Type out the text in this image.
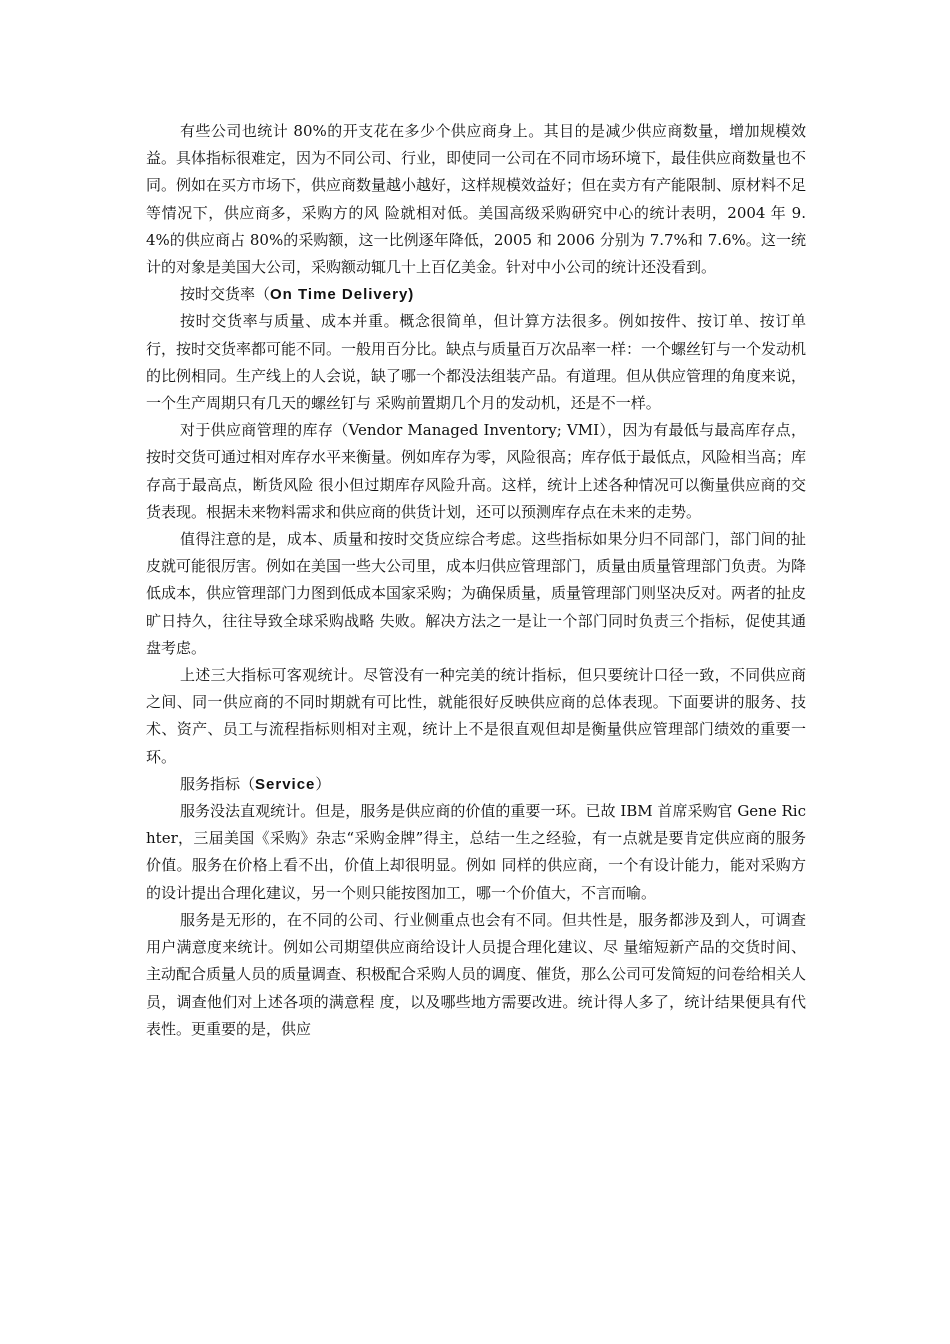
有些公司也统计 80%的开支花在多少个供应商身上。其目的是减少供应商数量，增加规模效益。具体指标很难定，因为不同公司、行业，即使同一公司在不同市场环境下，最佳供应商数量也不同。例如在买方市场下，供应商数量越小越好，这样规模效益好；但在卖方有产能限制、原材料不足等情况下，供应商多，采购方的风 险就相对低。美国高级采购研究中心的统计表明，2004 年 9.4%的供应商占 80%的采购额，这一比例逐年降低，2005 和 2006 分别为 7.7%和 7.6%。这一统计的对象是美国大公司，采购额动辄几十上百亿美金。针对中小公司的统计还没看到。

按时交货率（On Time Delivery)

按时交货率与质量、成本并重。概念很简单，但计算方法很多。例如按件、按订单、按订单行，按时交货率都可能不同。一般用百分比。缺点与质量百万次品率一样：一个螺丝钉与一个发动机的比例相同。生产线上的人会说，缺了哪一个都没法组装产品。有道理。但从供应管理的角度来说，一个生产周期只有几天的螺丝钉与 采购前置期几个月的发动机，还是不一样。

对于供应商管理的库存（Vendor Managed Inventory; VMI），因为有最低与最高库存点，按时交货可通过相对库存水平来衡量。例如库存为零，风险很高；库存低于最低点，风险相当高；库存高于最高点，断货风险 很小但过期库存风险升高。这样，统计上述各种情况可以衡量供应商的交货表现。根据未来物料需求和供应商的供货计划，还可以预测库存点在未来的走势。

值得注意的是，成本、质量和按时交货应综合考虑。这些指标如果分归不同部门，部门间的扯皮就可能很厉害。例如在美国一些大公司里，成本归供应管理部门，质量由质量管理部门负责。为降低成本，供应管理部门力图到低成本国家采购；为确保质量，质量管理部门则坚决反对。两者的扯皮旷日持久，往往导致全球采购战略 失败。解决方法之一是让一个部门同时负责三个指标，促使其通盘考虑。

上述三大指标可客观统计。尽管没有一种完美的统计指标，但只要统计口径一致，不同供应商之间、同一供应商的不同时期就有可比性，就能很好反映供应商的总体表现。下面要讲的服务、技术、资产、员工与流程指标则相对主观，统计上不是很直观但却是衡量供应管理部门绩效的重要一环。

服务指标（Service）

服务没法直观统计。但是，服务是供应商的价值的重要一环。已故 IBM 首席采购官 Gene Richter，三届美国《采购》杂志“采购金牌”得主，总结一生之经验，有一点就是要肯定供应商的服务价值。服务在价格上看不出，价值上却很明显。例如 同样的供应商，一个有设计能力，能对采购方的设计提出合理化建议，另一个则只能按图加工，哪一个价值大，不言而喻。

服务是无形的，在不同的公司、行业侧重点也会有不同。但共性是，服务都涉及到人，可调查用户满意度来统计。例如公司期望供应商给设计人员提合理化建议、尽 量缩短新产品的交货时间、主动配合质量人员的质量调查、积极配合采购人员的调度、催货，那么公司可发简短的问卷给相关人员，调查他们对上述各项的满意程 度，以及哪些地方需要改进。统计得人多了，统计结果便具有代表性。更重要的是，供应
